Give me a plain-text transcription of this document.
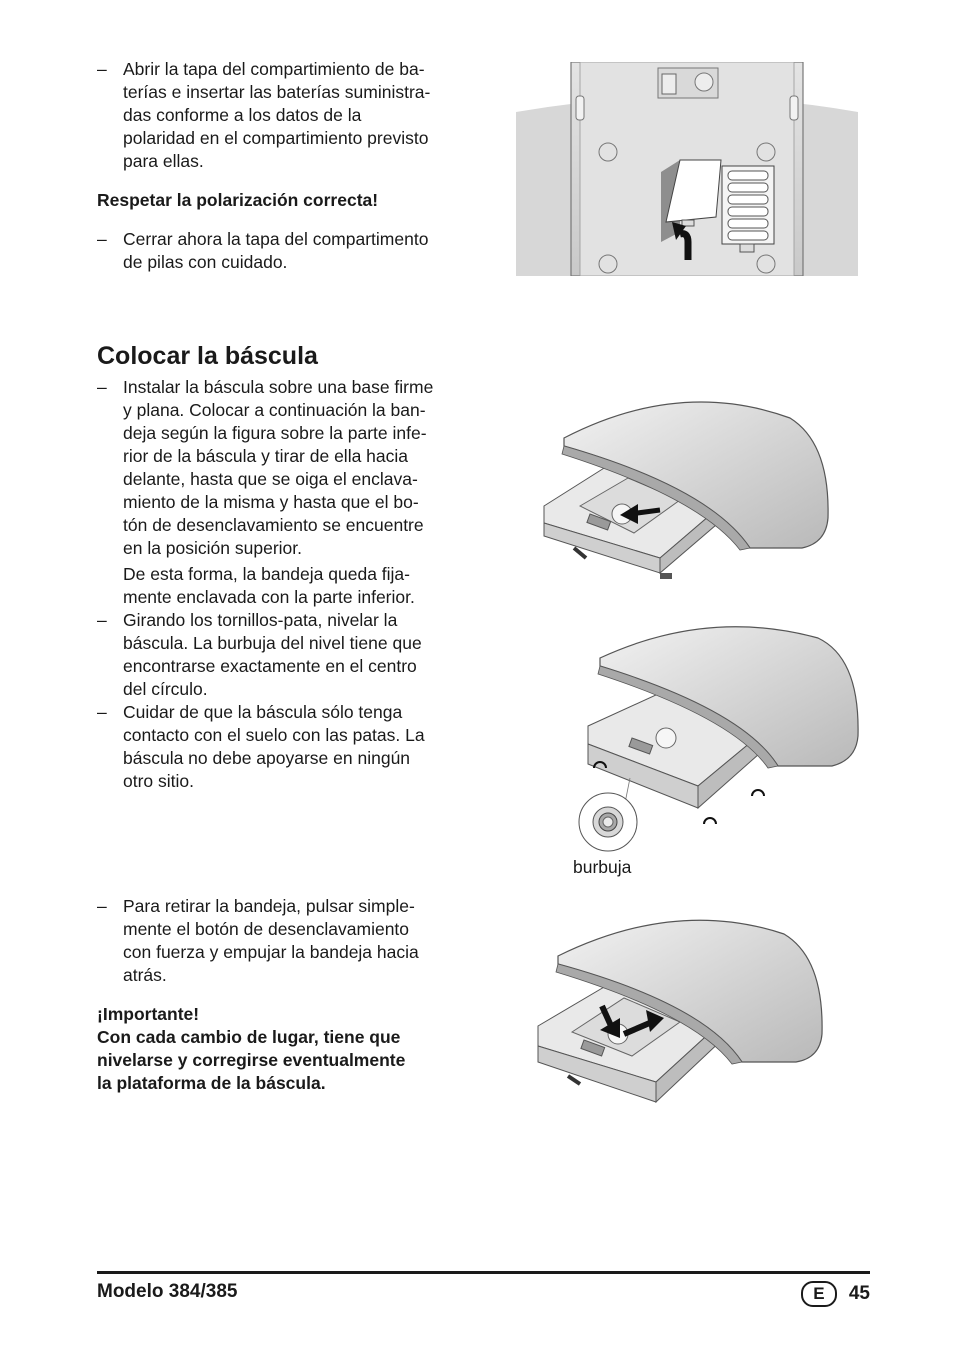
– Abrir la tapa del compartimiento de ba-
terías e insertar las baterías suministra-
das conforme a los datos de la
polaridad en el compartimiento previsto
para ellas.
Respetar la polarización correcta!
– Cerrar ahora la tapa del compartimento
de pilas con cuidado.
Colocar la báscula
– Instalar la báscula sobre una base firme
y plana. Colocar a continuación la ban-
deja según la figura sobre la parte infe-
rior de la báscula y tirar de ella hacia
delante, hasta que se oiga el enclava-
miento de la misma y hasta que el bo-
tón de desenclavamiento se encuentre
en la posición superior.
De esta forma, la bandeja queda fija-
mente enclavada con la parte inferior.
– Girando los tornillos-pata, nivelar la
báscula. La burbuja del nivel tiene que
encontrarse exactamente en el centro
del círculo.
– Cuidar de que la báscula sólo tenga
contacto con el suelo con las patas. La
báscula no debe apoyarse en ningún
otro sitio.
– Para retirar la bandeja, pulsar simple-
mente el botón de desenclavamiento
con fuerza y empujar la bandeja hacia
atrás.
¡Importante!
Con cada cambio de lugar, tiene que
nivelarse y corregirse eventualmente
la plataforma de la báscula.
burbuja
Modelo 384/385	E	45
